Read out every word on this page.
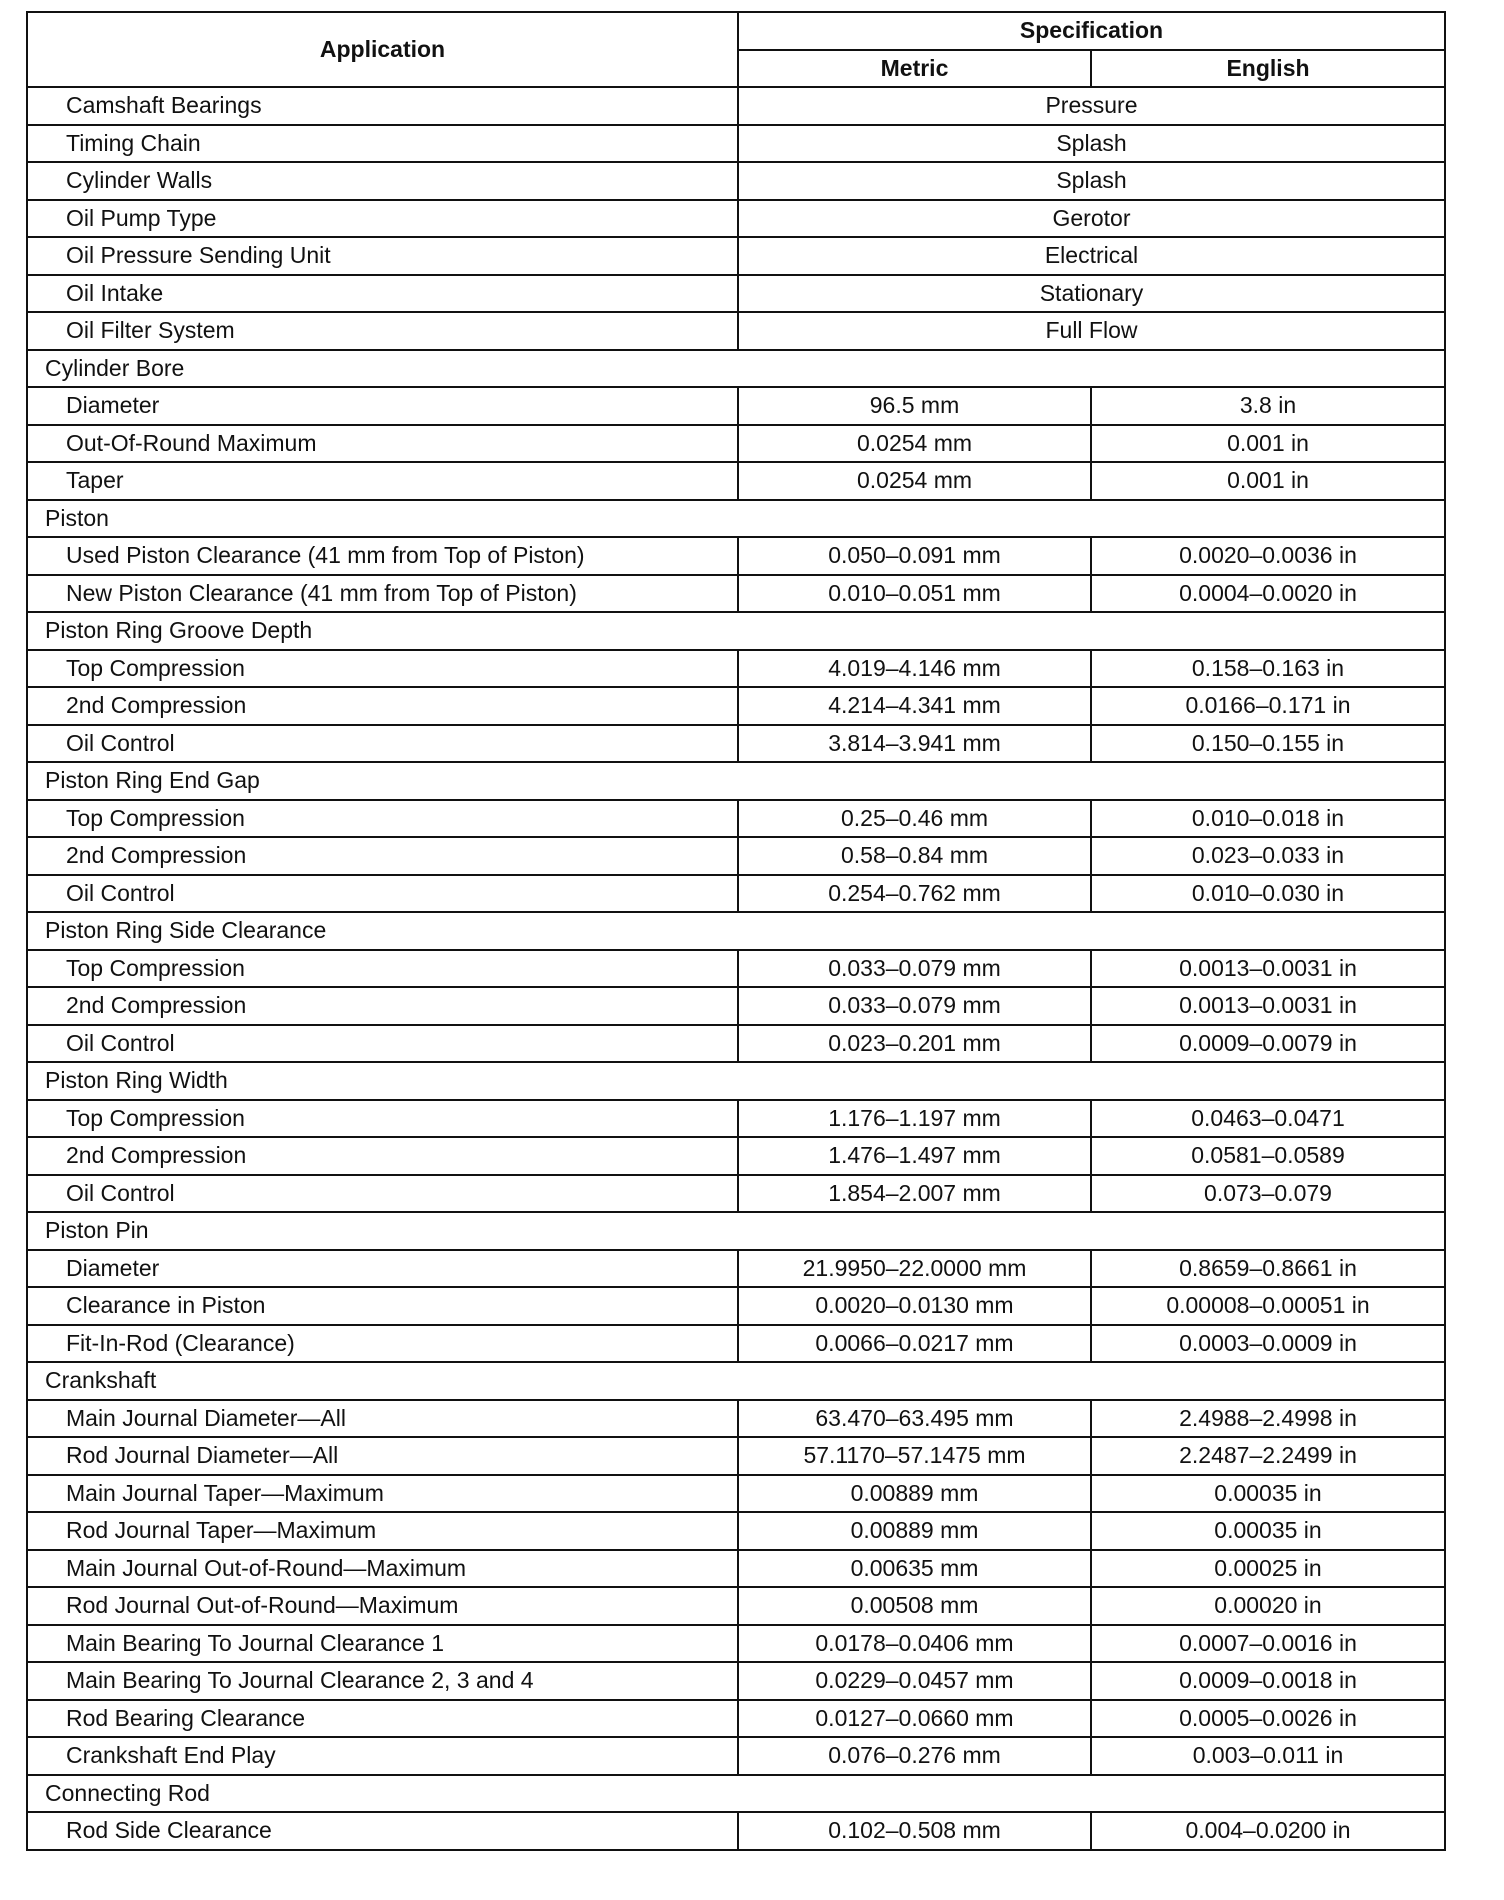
Application	Specification	
	Metric	English
Camshaft Bearings	Pressure	
Timing Chain	Splash	
Cylinder Walls	Splash	
Oil Pump Type	Gerotor	
Oil Pressure Sending Unit	Electrical	
Oil Intake	Stationary	
Oil Filter System	Full Flow	
Cylinder Bore		
Diameter	96.5 mm	3.8 in
Out-Of-Round Maximum	0.0254 mm	0.001 in
Taper	0.0254 mm	0.001 in
Piston		
Used Piston Clearance (41 mm from Top of Piston)	0.050–0.091 mm	0.0020–0.0036 in
New Piston Clearance (41 mm from Top of Piston)	0.010–0.051 mm	0.0004–0.0020 in
Piston Ring Groove Depth		
Top Compression	4.019–4.146 mm	0.158–0.163 in
2nd Compression	4.214–4.341 mm	0.0166–0.171 in
Oil Control	3.814–3.941 mm	0.150–0.155 in
Piston Ring End Gap		
Top Compression	0.25–0.46 mm	0.010–0.018 in
2nd Compression	0.58–0.84 mm	0.023–0.033 in
Oil Control	0.254–0.762 mm	0.010–0.030 in
Piston Ring Side Clearance		
Top Compression	0.033–0.079 mm	0.0013–0.0031 in
2nd Compression	0.033–0.079 mm	0.0013–0.0031 in
Oil Control	0.023–0.201 mm	0.0009–0.0079 in
Piston Ring Width		
Top Compression	1.176–1.197 mm	0.0463–0.0471
2nd Compression	1.476–1.497 mm	0.0581–0.0589
Oil Control	1.854–2.007 mm	0.073–0.079
Piston Pin		
Diameter	21.9950–22.0000 mm	0.8659–0.8661 in
Clearance in Piston	0.0020–0.0130 mm	0.00008–0.00051 in
Fit-In-Rod (Clearance)	0.0066–0.0217 mm	0.0003–0.0009 in
Crankshaft		
Main Journal Diameter—All	63.470–63.495 mm	2.4988–2.4998 in
Rod Journal Diameter—All	57.1170–57.1475 mm	2.2487–2.2499 in
Main Journal Taper—Maximum	0.00889 mm	0.00035 in
Rod Journal Taper—Maximum	0.00889 mm	0.00035 in
Main Journal Out-of-Round—Maximum	0.00635 mm	0.00025 in
Rod Journal Out-of-Round—Maximum	0.00508 mm	0.00020 in
Main Bearing To Journal Clearance 1	0.0178–0.0406 mm	0.0007–0.0016 in
Main Bearing To Journal Clearance 2, 3 and 4	0.0229–0.0457 mm	0.0009–0.0018 in
Rod Bearing Clearance	0.0127–0.0660 mm	0.0005–0.0026 in
Crankshaft End Play	0.076–0.276 mm	0.003–0.011 in
Connecting Rod		
Rod Side Clearance	0.102–0.508 mm	0.004–0.0200 in
